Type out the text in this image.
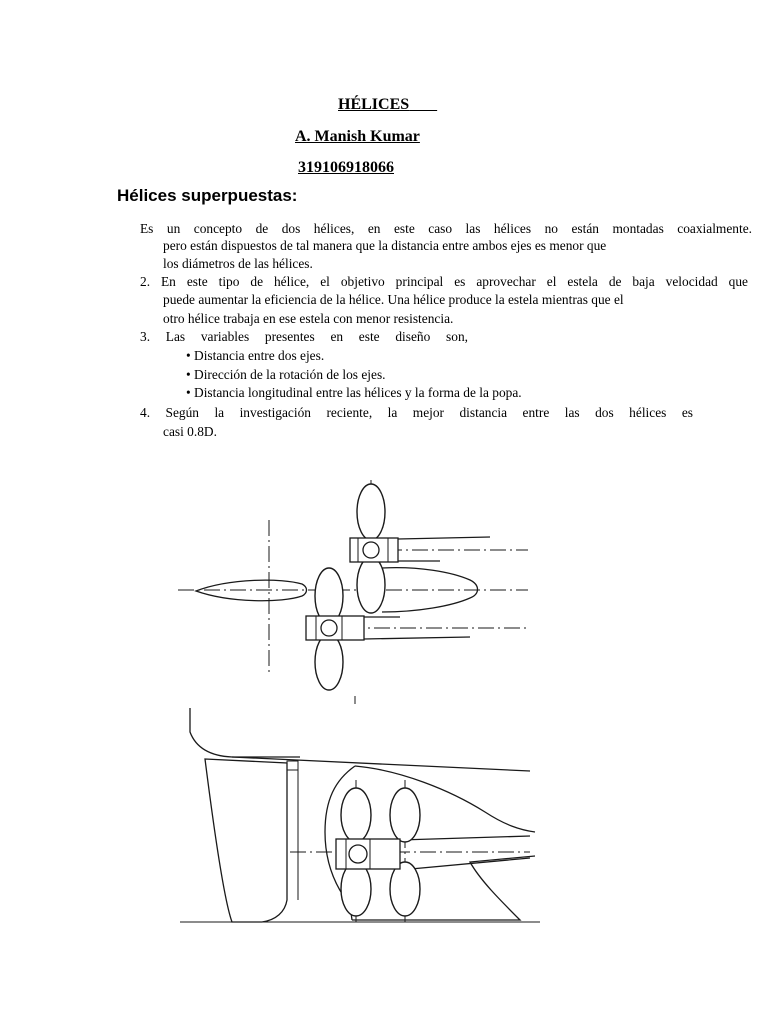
HÉLICES
A. Manish Kumar
319106918066
Hélices superpuestas:
Es un concepto de dos hélices, en este caso las hélices no están montadas coaxialmente.
pero están dispuestos de tal manera que la distancia entre ambos ejes es menor que
los diámetros de las hélices.
2. En este tipo de hélice, el objetivo principal es aprovechar el estela de baja velocidad que
puede aumentar la eficiencia de la hélice. Una hélice produce la estela mientras que el
otro hélice trabaja en ese estela con menor resistencia.
3. Las variables presentes en este diseño son,
• Distancia entre dos ejes.
• Dirección de la rotación de los ejes.
• Distancia longitudinal entre las hélices y la forma de la popa.
4. Según la investigación reciente, la mejor distancia entre las dos hélices es
casi 0.8D.
